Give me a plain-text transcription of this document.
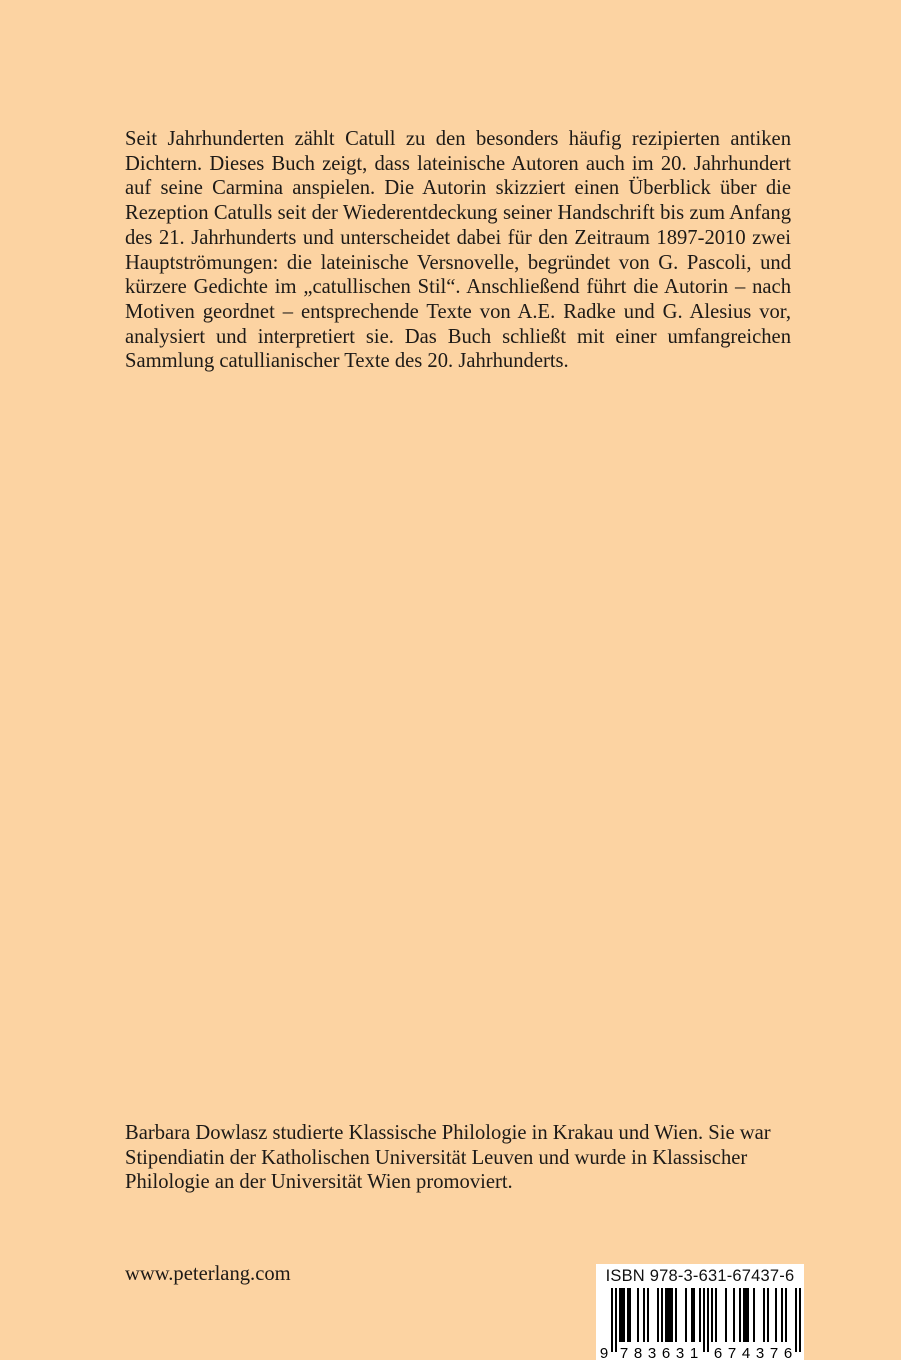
Seit Jahrhunderten zählt Catull zu den besonders häufig rezipierten antiken Dichtern. Dieses Buch zeigt, dass lateinische Autoren auch im 20. Jahrhundert auf seine Carmina anspielen. Die Autorin skizziert einen Überblick über die Rezeption Catulls seit der Wiederentdeckung seiner Handschrift bis zum Anfang des 21. Jahrhunderts und unterscheidet dabei für den Zeitraum 1897-2010 zwei Hauptströmungen: die lateinische Versnovelle, begründet von G. Pascoli, und kürzere Gedichte im „catullischen Stil“. Anschließend führt die Autorin – nach Motiven geordnet – entsprechende Texte von A.E. Radke und G. Alesius vor, analysiert und interpretiert sie. Das Buch schließt mit einer umfangreichen Sammlung catullianischer Texte des 20. Jahrhunderts.

Barbara Dowlasz studierte Klassische Philologie in Krakau und Wien. Sie war
Stipendiatin der Katholischen Universität Leuven und wurde in Klassischer
Philologie an der Universität Wien promoviert.

www.peterlang.com	ISBN 978-3-631-67437-6
9 7 8 3 6 3 1 6 7 4 3 7 6
